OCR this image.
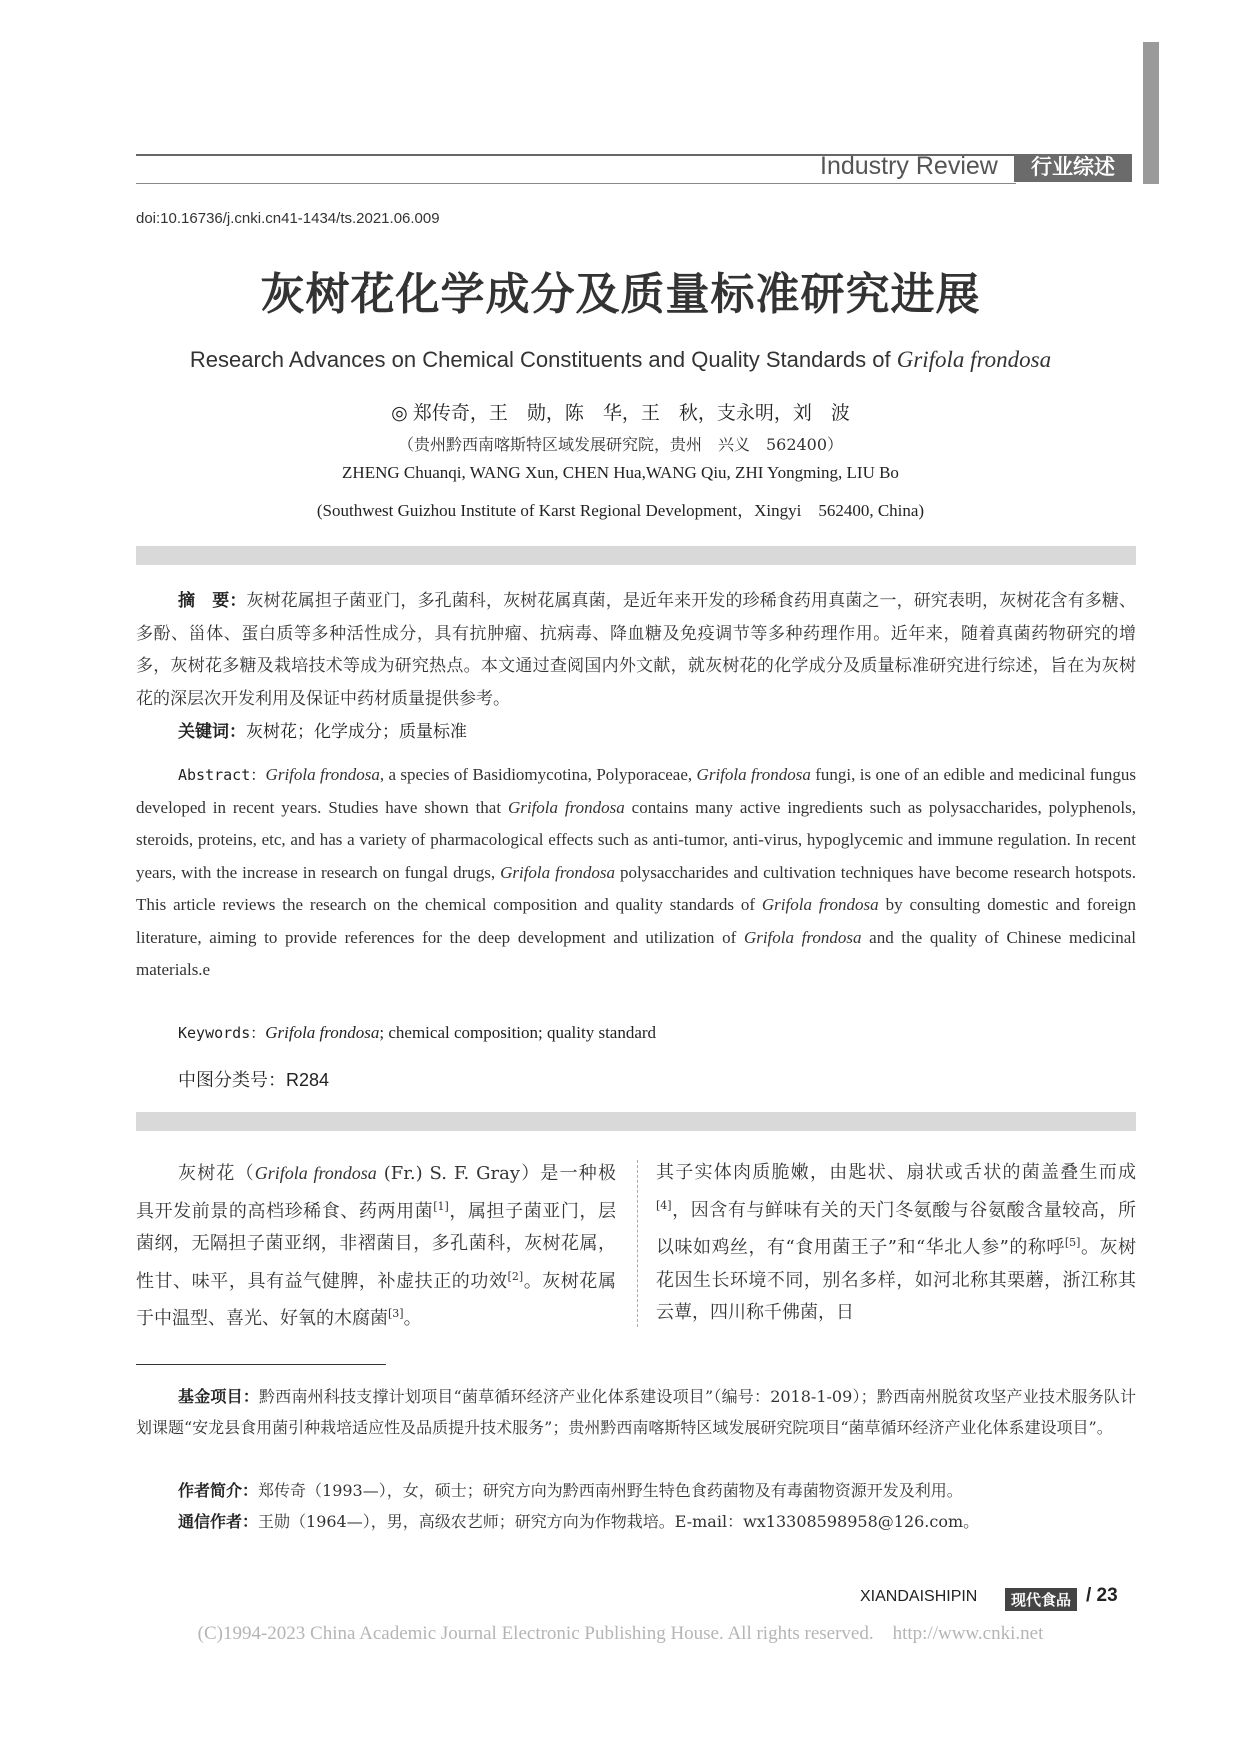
Industry Review	行业综述
doi:10.16736/j.cnki.cn41-1434/ts.2021.06.009
灰树花化学成分及质量标准研究进展
Research Advances on Chemical Constituents and Quality Standards of Grifola frondosa
◎ 郑传奇，王　勋，陈　华，王　秋，支永明，刘　波
（贵州黔西南喀斯特区域发展研究院，贵州　兴义　562400）
ZHENG Chuanqi, WANG Xun, CHEN Hua,WANG Qiu, ZHI Yongming, LIU Bo
(Southwest Guizhou Institute of Karst Regional Development，Xingyi　562400, China)
摘　要：灰树花属担子菌亚门，多孔菌科，灰树花属真菌，是近年来开发的珍稀食药用真菌之一，研究表明，灰树花含有多糖、多酚、甾体、蛋白质等多种活性成分，具有抗肿瘤、抗病毒、降血糖及免疫调节等多种药理作用。近年来，随着真菌药物研究的增多，灰树花多糖及栽培技术等成为研究热点。本文通过查阅国内外文献，就灰树花的化学成分及质量标准研究进行综述，旨在为灰树花的深层次开发利用及保证中药材质量提供参考。
关键词：灰树花；化学成分；质量标准
Abstract：Grifola frondosa, a species of Basidiomycotina, Polyporaceae, Grifola frondosa fungi, is one of an edible and medicinal fungus developed in recent years. Studies have shown that Grifola frondosa contains many active ingredients such as polysaccharides, polyphenols, steroids, proteins, etc, and has a variety of pharmacological effects such as anti-tumor, anti-virus, hypoglycemic and immune regulation. In recent years, with the increase in research on fungal drugs, Grifola frondosa polysaccharides and cultivation techniques have become research hotspots. This article reviews the research on the chemical composition and quality standards of Grifola frondosa by consulting domestic and foreign literature, aiming to provide references for the deep development and utilization of Grifola frondosa and the quality of Chinese medicinal materials.e
Keywords：Grifola frondosa; chemical composition; quality standard
中图分类号：R284
灰树花（Grifola frondosa (Fr.) S. F. Gray）是一种极具开发前景的高档珍稀食、药两用菌[1]，属担子菌亚门，层菌纲，无隔担子菌亚纲，非褶菌目，多孔菌科，灰树花属，性甘、味平，具有益气健脾，补虚扶正的功效[2]。灰树花属于中温型、喜光、好氧的木腐菌[3]。
其子实体肉质脆嫩，由匙状、扇状或舌状的菌盖叠生而成[4]，因含有与鲜味有关的天门冬氨酸与谷氨酸含量较高，所以味如鸡丝，有“食用菌王子”和“华北人参”的称呼[5]。灰树花因生长环境不同，别名多样，如河北称其栗蘑，浙江称其云蕈，四川称千佛菌，日
基金项目：黔西南州科技支撑计划项目“菌草循环经济产业化体系建设项目”（编号：2018-1-09）；黔西南州脱贫攻坚产业技术服务队计划课题“安龙县食用菌引种栽培适应性及品质提升技术服务”；贵州黔西南喀斯特区域发展研究院项目“菌草循环经济产业化体系建设项目”。
作者简介：郑传奇（1993—），女，硕士；研究方向为黔西南州野生特色食药菌物及有毒菌物资源开发及利用。
通信作者：王勋（1964—），男，高级农艺师；研究方向为作物栽培。E-mail：wx13308598958@126.com。
XIANDAISHIPIN	现代食品 / 23
(C)1994-2023 China Academic Journal Electronic Publishing House. All rights reserved.　http://www.cnki.net
